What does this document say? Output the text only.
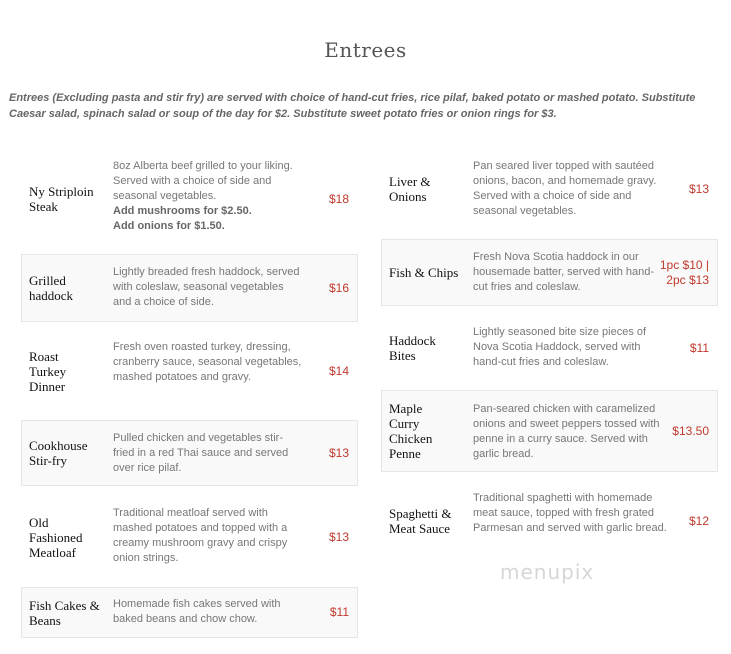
Entrees
Entrees (Excluding pasta and stir fry) are served with choice of hand-cut fries, rice pilaf, baked potato or mashed potato. Substitute Caesar salad, spinach salad or soup of the day for $2. Substitute sweet potato fries or onion rings for $3.
Ny Striploin Steak
8oz Alberta beef grilled to your liking. Served with a choice of side and seasonal vegetables.
Add mushrooms for $2.50.
Add onions for $1.50.
$18
Grilled haddock
Lightly breaded fresh haddock, served with coleslaw, seasonal vegetables and a choice of side.
$16
Roast Turkey Dinner
Fresh oven roasted turkey, dressing, cranberry sauce, seasonal vegetables, mashed potatoes and gravy.	$14
Cookhouse Stir-fry
Pulled chicken and vegetables stir-fried in a red Thai sauce and served over rice pilaf.
$13
Old Fashioned Meatloaf
Traditional meatloaf served with mashed potatoes and topped with a creamy mushroom gravy and crispy onion strings.
$13
Fish Cakes & Beans
Homemade fish cakes served with baked beans and chow chow.	$11
Liver & Onions
Pan seared liver topped with sautéed onions, bacon, and homemade gravy. Served with a choice of side and seasonal vegetables.
$13
Fish & Chips
Fresh Nova Scotia haddock in our housemade batter, served with hand-cut fries and coleslaw.
1pc $10 | 2pc $13
Haddock Bites
Lightly seasoned bite size pieces of Nova Scotia Haddock, served with hand-cut fries and coleslaw.
$11
Maple Curry Chicken Penne
Pan-seared chicken with caramelized onions and sweet peppers tossed with penne in a curry sauce. Served with garlic bread.
$13.50
Spaghetti & Meat Sauce
Traditional spaghetti with homemade meat sauce, topped with fresh grated Parmesan and served with garlic bread.
$12
menupix
